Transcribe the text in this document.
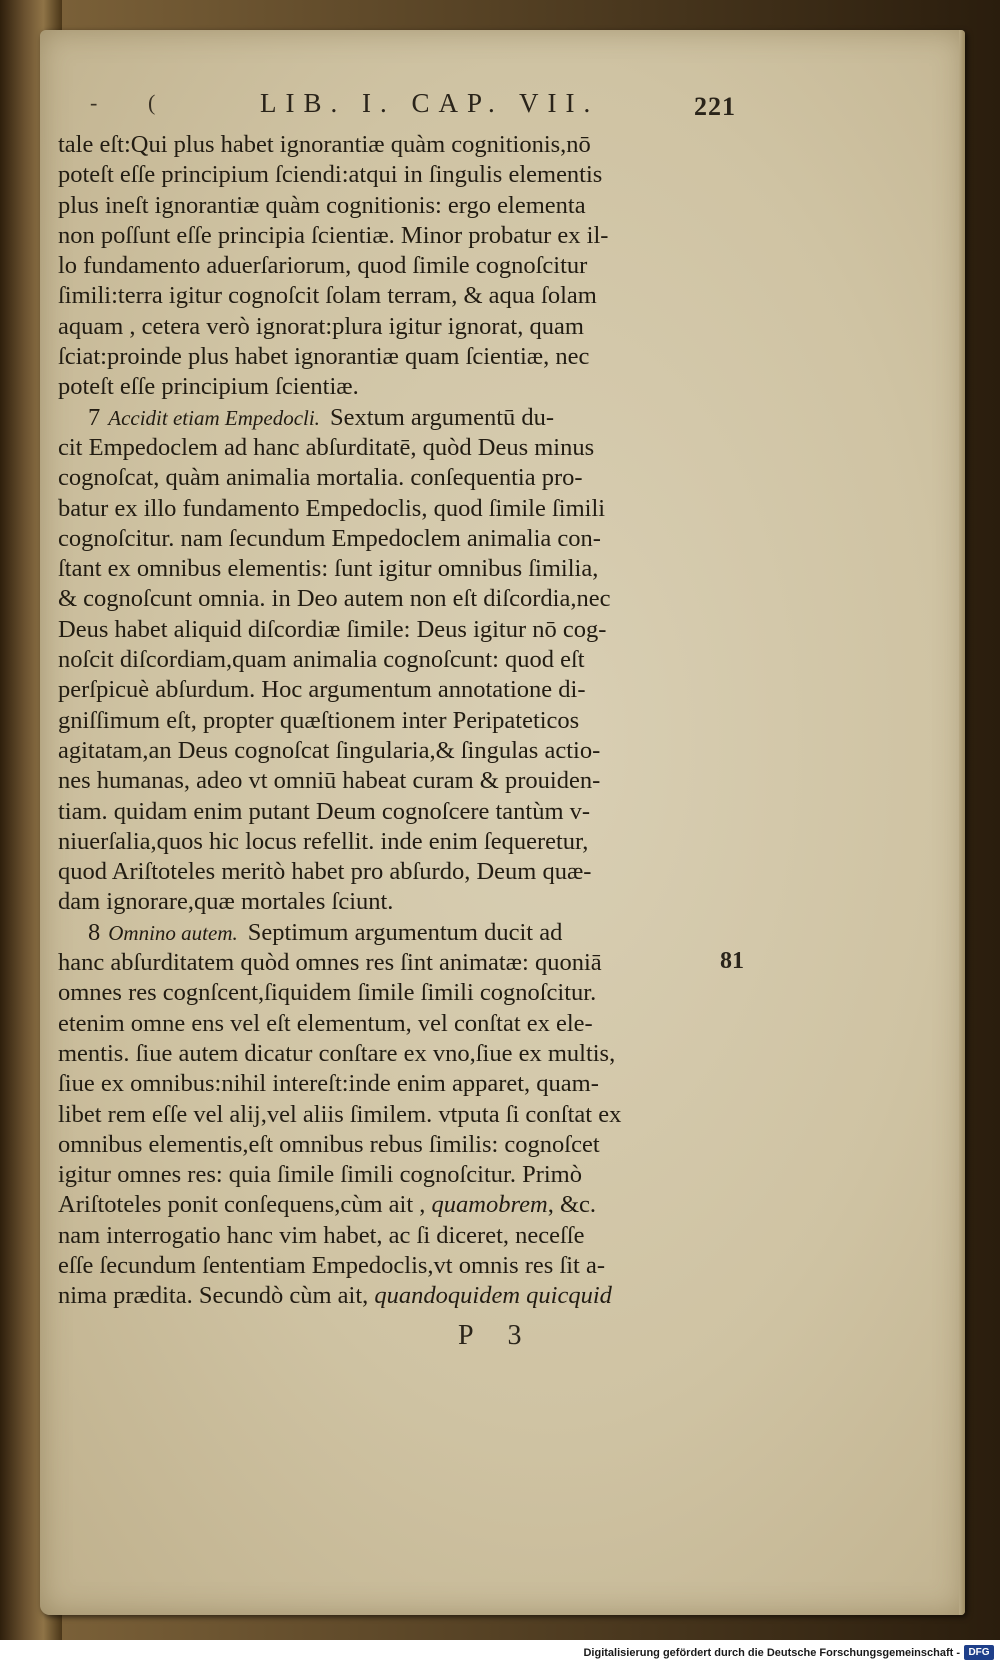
- (	LIB. I. CAP. VII.	221
tale eſt:Qui plus habet ignorantiæ quàm cognitionis,nō
poteſt eſſe principium ſciendi:atqui in ſingulis elementis
plus ineſt ignorantiæ quàm cognitionis: ergo elementa
non poſſunt eſſe principia ſcientiæ. Minor probatur ex il-
lo fundamento aduerſariorum, quod ſimile cognoſcitur
ſimili:terra igitur cognoſcit ſolam terram, & aqua ſolam
aquam , cetera verò ignorat:plura igitur ignorat, quam
ſciat:proinde plus habet ignorantiæ quam ſcientiæ, nec
poteſt eſſe principium ſcientiæ.
7 Accidit etiam Empedocli. Sextum argumentū du-
cit Empedoclem ad hanc abſurditatē, quòd Deus minus
cognoſcat, quàm animalia mortalia. conſequentia pro-
batur ex illo fundamento Empedoclis, quod ſimile ſimili
cognoſcitur. nam ſecundum Empedoclem animalia con-
ſtant ex omnibus elementis: ſunt igitur omnibus ſimilia,
& cognoſcunt omnia. in Deo autem non eſt diſcordia,nec
Deus habet aliquid diſcordiæ ſimile: Deus igitur nō cog-
noſcit diſcordiam,quam animalia cognoſcunt: quod eſt
perſpicuè abſurdum. Hoc argumentum annotatione di-
gniſſimum eſt, propter quæſtionem inter Peripateticos
agitatam,an Deus cognoſcat ſingularia,& ſingulas actio-
nes humanas, adeo vt omniū habeat curam & prouiden-
tiam. quidam enim putant Deum cognoſcere tantùm v-
niuerſalia,quos hic locus refellit. inde enim ſequeretur,
quod Ariſtoteles meritò habet pro abſurdo, Deum quæ-
dam ignorare,quæ mortales ſciunt.
8 Omnino autem. Septimum argumentum ducit ad
hanc abſurditatem quòd omnes res ſint animatæ: quoniā
omnes res cognſcent,ſiquidem ſimile ſimili cognoſcitur.
etenim omne ens vel eſt elementum, vel conſtat ex ele-
mentis. ſiue autem dicatur conſtare ex vno,ſiue ex multis,
ſiue ex omnibus:nihil intereſt:inde enim apparet, quam-
libet rem eſſe vel alij,vel aliis ſimilem. vtputa ſi conſtat ex
omnibus elementis,eſt omnibus rebus ſimilis: cognoſcet
igitur omnes res: quia ſimile ſimili cognoſcitur. Primò
Ariſtoteles ponit conſequens,cùm ait , quamobrem, &c.
nam interrogatio hanc vim habet, ac ſi diceret, neceſſe
eſſe ſecundum ſententiam Empedoclis,vt omnis res ſit a-
nima prædita. Secundò cùm ait, quandoquidem quicquid
81
P 3
Digitalisierung gefördert durch die Deutsche Forschungsgemeinschaft - DFG
